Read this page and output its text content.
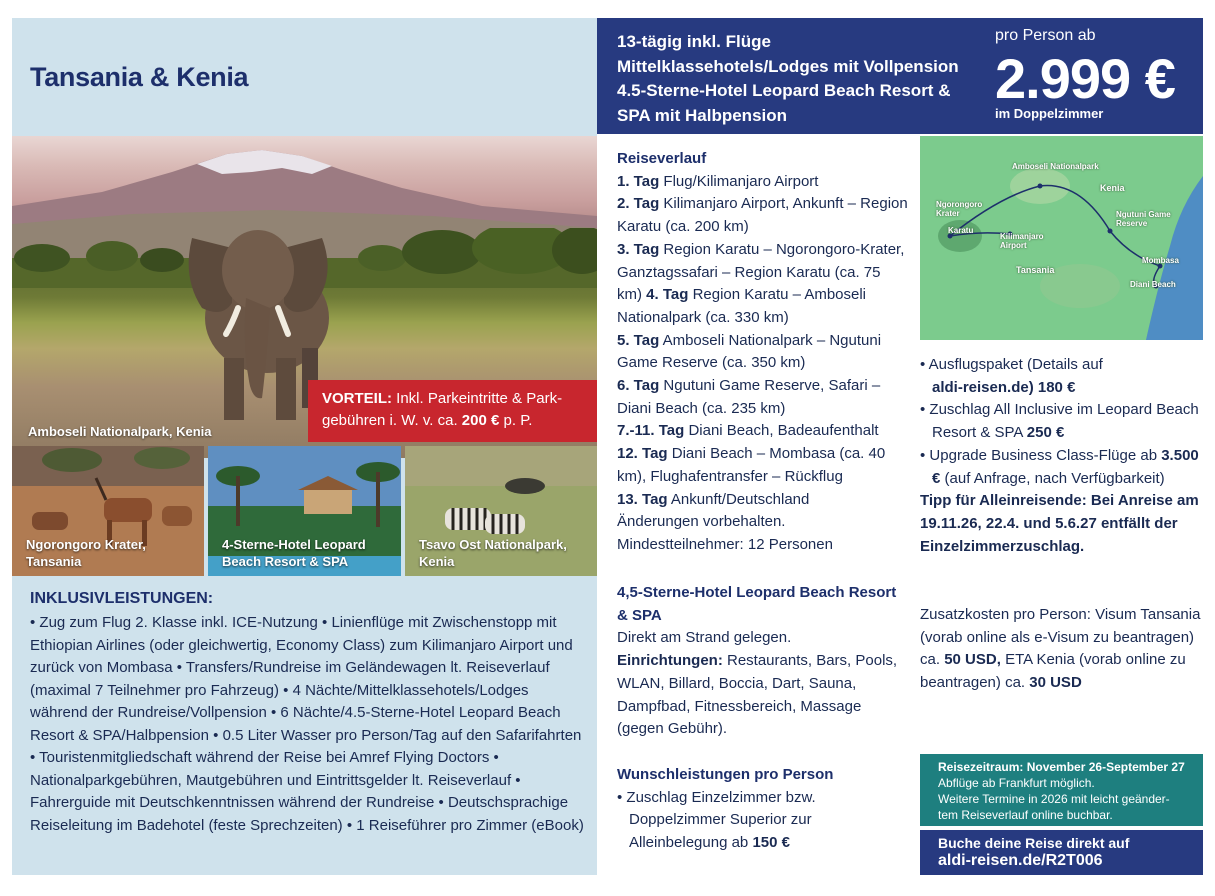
Tansania & Kenia
Amboseli Nationalpark, Kenia
VORTEIL: Inkl. Parkeintritte & Park-
gebühren i. W. v. ca. 200 € p. P.
Ngorongoro Krater,
Tansania
4-Sterne-Hotel Leopard
Beach Resort & SPA
Tsavo Ost Nationalpark,
Kenia
INKLUSIVLEISTUNGEN:
• Zug zum Flug 2. Klasse inkl. ICE-Nutzung • Linienflüge mit Zwischenstopp mit Ethiopian Airlines (oder gleichwertig, Economy Class) zum Kilimanjaro Airport und zurück von Mombasa • Transfers/Rundreise im Geländewagen lt. Reiseverlauf (maximal 7 Teilnehmer pro Fahrzeug) • 4 Nächte/Mittelklassehotels/Lodges während der Rundreise/Vollpension • 6 Nächte/4.5-Sterne-Hotel Leopard Beach Resort & SPA/Halbpension • 0.5 Liter Wasser pro Person/Tag auf den Safarifahrten • Touristenmitgliedschaft während der Reise bei Amref Flying Doctors • Nationalparkgebühren, Mautgebühren und Eintrittsgelder lt. Reiseverlauf • Fahrerguide mit Deutschkenntnissen während der Rundreise • Deutschsprachige Reiseleitung im Badehotel (feste Sprechzeiten) • 1 Reiseführer pro Zimmer (eBook)
13-tägig inkl. Flüge
Mittelklassehotels/Lodges mit Vollpension
4.5-Sterne-Hotel Leopard Beach Resort &
SPA mit Halbpension
pro Person ab
2.999 €
im Doppelzimmer
Reiseverlauf
1. Tag Flug/Kilimanjaro Airport
2. Tag Kilimanjaro Airport, Ankunft – Region Karatu (ca. 200 km)
3. Tag Region Karatu – Ngorongoro-Krater, Ganztagssafari – Region Karatu (ca. 75 km) 4. Tag Region Karatu – Amboseli Nationalpark (ca. 330 km)
5. Tag Amboseli Nationalpark – Ngutuni Game Reserve (ca. 350 km)
6. Tag Ngutuni Game Reserve, Safari – Diani Beach (ca. 235 km)
7.-11. Tag Diani Beach, Badeaufenthalt
12. Tag Diani Beach – Mombasa (ca. 40 km), Flughafentransfer – Rückflug
13. Tag Ankunft/Deutschland
Änderungen vorbehalten.
Mindestteilnehmer: 12 Personen
4,5-Sterne-Hotel Leopard Beach Resort & SPA
Direkt am Strand gelegen.
Einrichtungen: Restaurants, Bars, Pools, WLAN, Billard, Boccia, Dart, Sauna, Dampfbad, Fitnessbereich, Massage (gegen Gebühr).
Wunschleistungen pro Person
• Zuschlag Einzelzimmer bzw. Doppelzimmer Superior zur Alleinbelegung ab 150 €
Amboseli Nationalpark
Kenia
Ngorongoro Krater
Karatu
Kilimanjaro Airport
Ngutuni Game Reserve
Tansania
Mombasa
Diani Beach
• Ausflugspaket (Details auf
aldi-reisen.de) 180 €
• Zuschlag All Inclusive im Leopard Beach Resort & SPA 250 €
• Upgrade Business Class-Flüge ab 3.500 € (auf Anfrage, nach Verfügbarkeit)
Tipp für Alleinreisende: Bei Anreise am 19.11.26, 22.4. und 5.6.27 entfällt der Einzelzimmerzuschlag.
Zusatzkosten pro Person: Visum Tansania (vorab online als e-Visum zu beantragen) ca. 50 USD, ETA Kenia (vorab online zu beantragen) ca. 30 USD
Reisezeitraum: November 26-September 27
Abflüge ab Frankfurt möglich.
Weitere Termine in 2026 mit leicht geänder-
tem Reiseverlauf online buchbar.
Buche deine Reise direkt auf
aldi-reisen.de/R2T006
